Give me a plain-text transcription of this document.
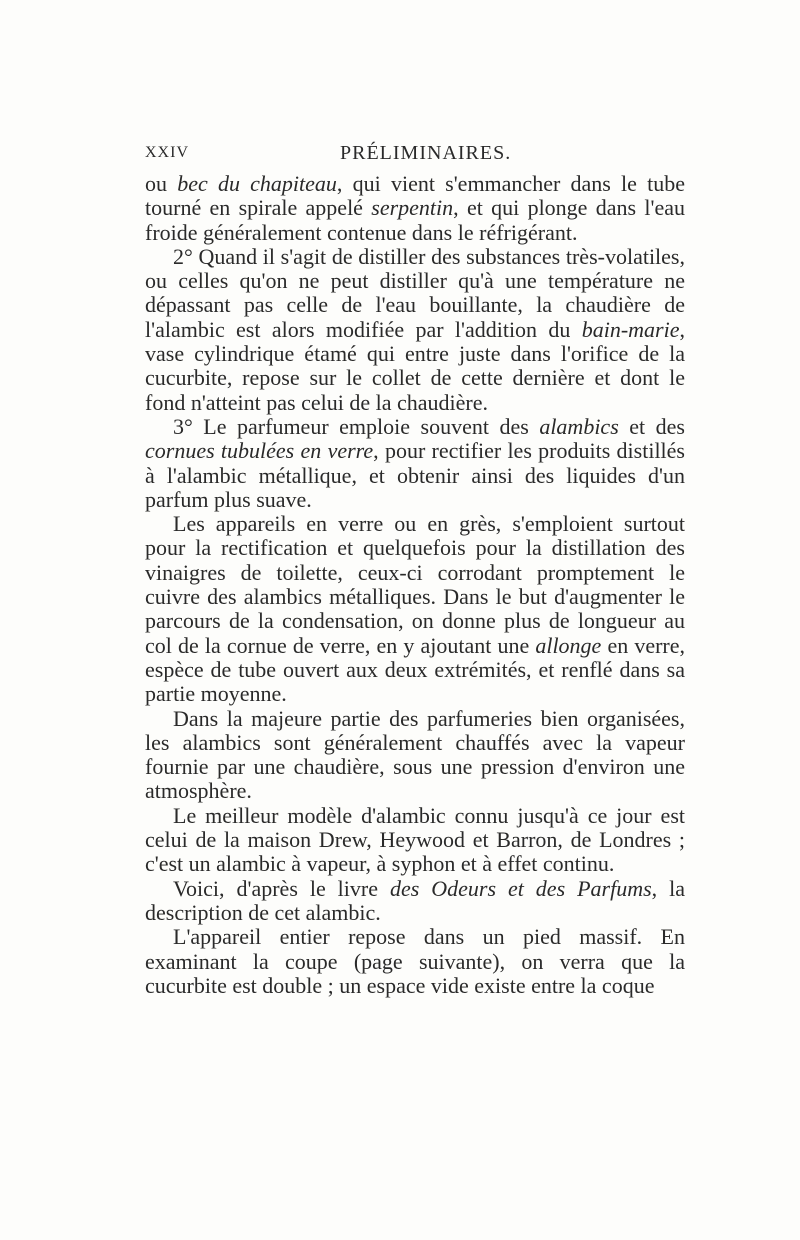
XXIV	PRÉLIMINAIRES.

ou bec du chapiteau, qui vient s'emmancher dans le tube tourné en spirale appelé serpentin, et qui plonge dans l'eau froide généralement contenue dans le réfrigérant.

2° Quand il s'agit de distiller des substances très-volatiles, ou celles qu'on ne peut distiller qu'à une température ne dépassant pas celle de l'eau bouillante, la chaudière de l'alambic est alors modifiée par l'addition du bain-marie, vase cylindrique étamé qui entre juste dans l'orifice de la cucurbite, repose sur le collet de cette dernière et dont le fond n'atteint pas celui de la chaudière.

3° Le parfumeur emploie souvent des alambics et des cornues tubulées en verre, pour rectifier les produits distillés à l'alambic métallique, et obtenir ainsi des liquides d'un parfum plus suave.

Les appareils en verre ou en grès, s'emploient surtout pour la rectification et quelquefois pour la distillation des vinaigres de toilette, ceux-ci corrodant promptement le cuivre des alambics métalliques. Dans le but d'augmenter le parcours de la condensation, on donne plus de longueur au col de la cornue de verre, en y ajoutant une allonge en verre, espèce de tube ouvert aux deux extrémités, et renflé dans sa partie moyenne.

Dans la majeure partie des parfumeries bien organisées, les alambics sont généralement chauffés avec la vapeur fournie par une chaudière, sous une pression d'environ une atmosphère.

Le meilleur modèle d'alambic connu jusqu'à ce jour est celui de la maison Drew, Heywood et Barron, de Londres ; c'est un alambic à vapeur, à syphon et à effet continu.

Voici, d'après le livre des Odeurs et des Parfums, la description de cet alambic.

L'appareil entier repose dans un pied massif. En examinant la coupe (page suivante), on verra que la cucurbite est double ; un espace vide existe entre la coque
